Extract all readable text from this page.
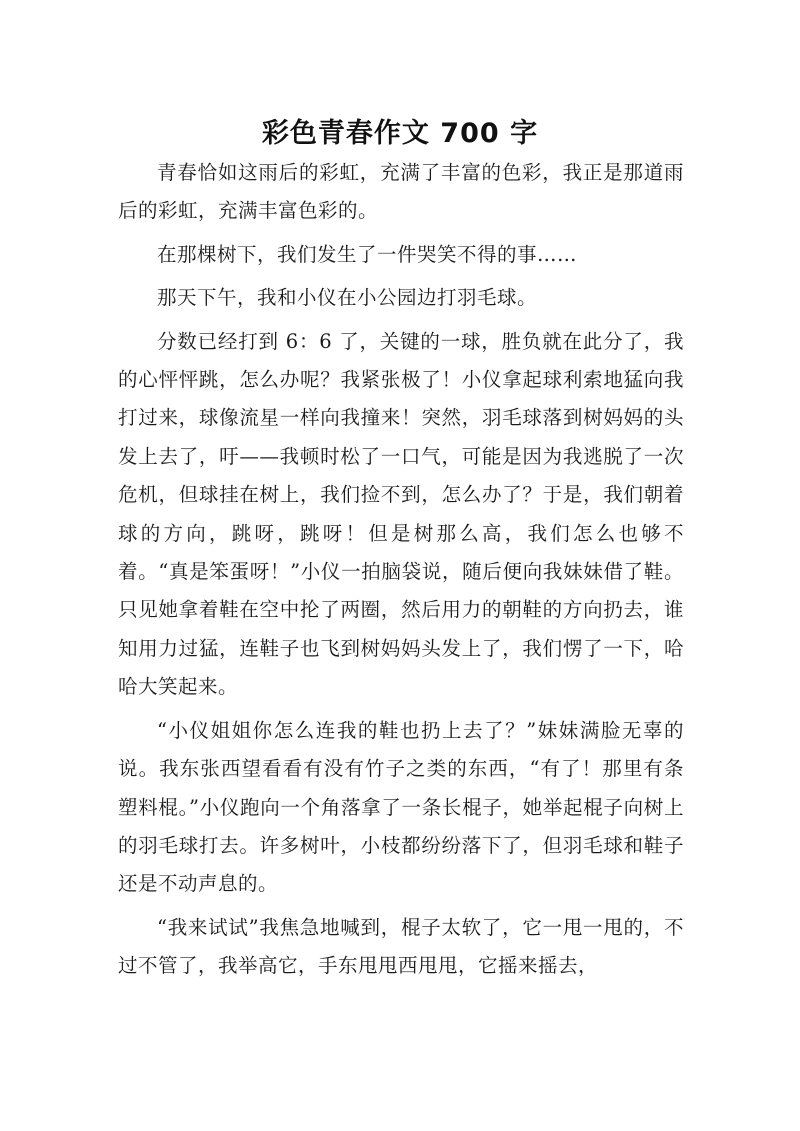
彩色青春作文 700 字

青春恰如这雨后的彩虹，充满了丰富的色彩，我正是那道雨后的彩虹，充满丰富色彩的。

在那棵树下，我们发生了一件哭笑不得的事……

那天下午，我和小仪在小公园边打羽毛球。

分数已经打到 6：6 了，关键的一球，胜负就在此分了，我的心怦怦跳，怎么办呢？我紧张极了！小仪拿起球利索地猛向我打过来，球像流星一样向我撞来！突然，羽毛球落到树妈妈的头发上去了，吁——我顿时松了一口气，可能是因为我逃脱了一次危机，但球挂在树上，我们捡不到，怎么办了？于是，我们朝着球的方向，跳呀，跳呀！但是树那么高，我们怎么也够不着。“真是笨蛋呀！”小仪一拍脑袋说，随后便向我妹妹借了鞋。只见她拿着鞋在空中抡了两圈，然后用力的朝鞋的方向扔去，谁知用力过猛，连鞋子也飞到树妈妈头发上了，我们愣了一下，哈哈大笑起来。

“小仪姐姐你怎么连我的鞋也扔上去了？”妹妹满脸无辜的说。我东张西望看看有没有竹子之类的东西，“有了！那里有条塑料棍。”小仪跑向一个角落拿了一条长棍子，她举起棍子向树上的羽毛球打去。许多树叶，小枝都纷纷落下了，但羽毛球和鞋子还是不动声息的。

“我来试试”我焦急地喊到，棍子太软了，它一甩一甩的，不过不管了，我举高它，手东甩甩西甩甩，它摇来摇去，
